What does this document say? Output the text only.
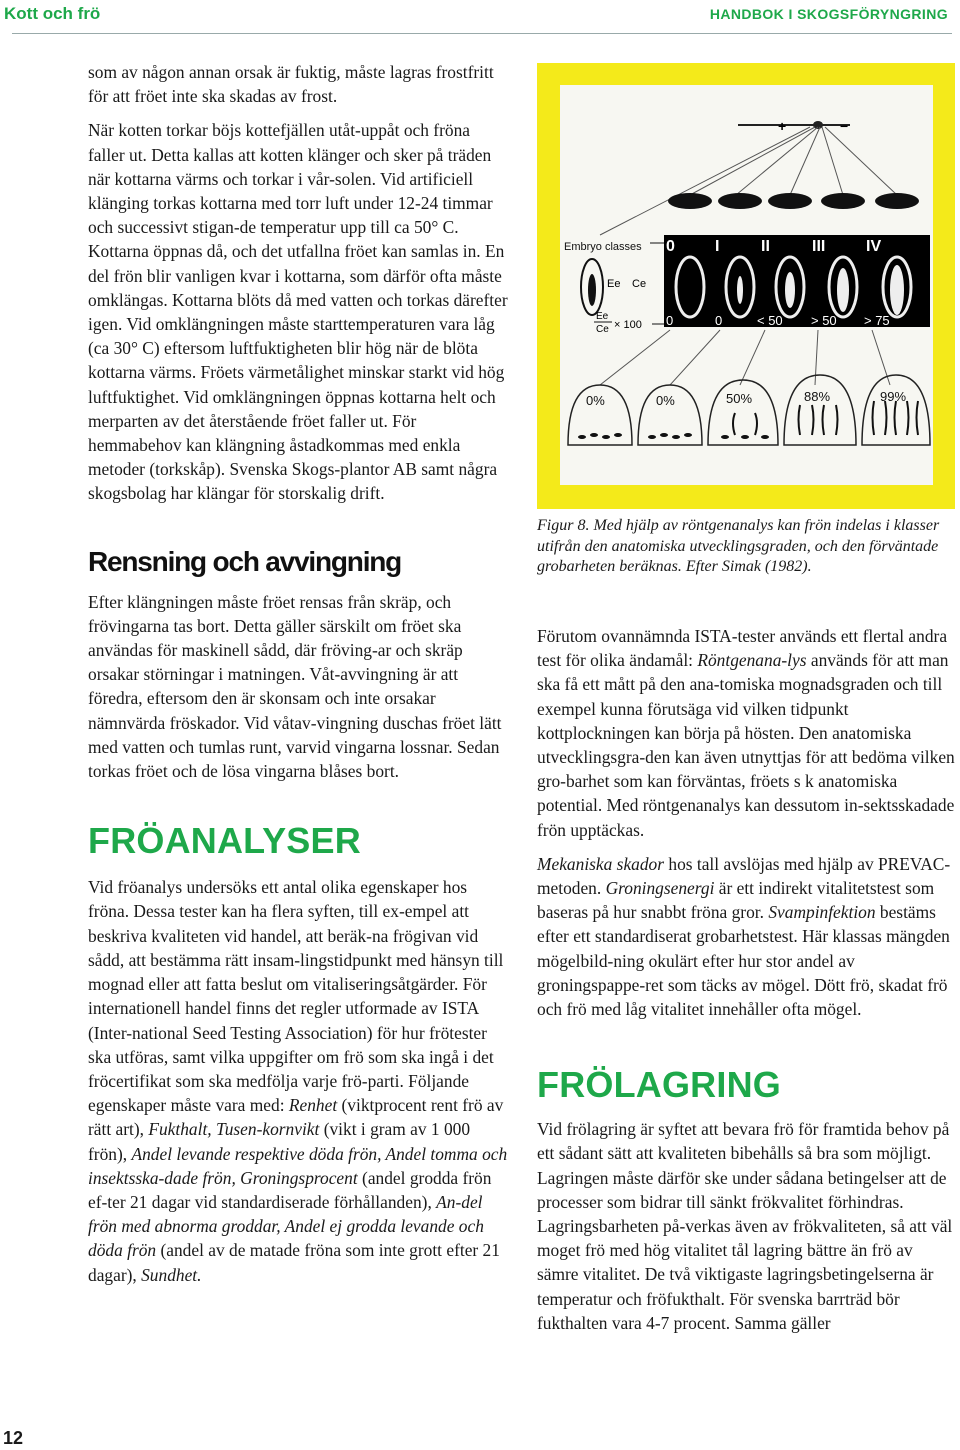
Kott och frö	HANDBOK I SKOGSFÖRYNGRING

som av någon annan orsak är fuktig, måste lagras frostfritt för att fröet inte ska skadas av frost.

När kotten torkar böjs kottefjällen utåt-uppåt och fröna faller ut. Detta kallas att kotten klänger och sker på träden när kottarna värms och torkar i vår-solen. Vid artificiell klänging torkas kottarna med torr luft under 12-24 timmar och successivt stigan-de temperatur upp till ca 50° C. Kottarna öppnas då, och det utfallna fröet kan samlas in. En del frön blir vanligen kvar i kottarna, som därför ofta måste omklängas. Kottarna blöts då med vatten och torkas därefter igen. Vid omklängningen måste starttemperaturen vara låg (ca 30° C) eftersom luftfuktigheten blir hög när de blöta kottarna värms. Fröets värmetålighet minskar starkt vid hög luftfuktighet. Vid omklängningen öppnas kottarna helt och merparten av det återstående fröet faller ut. För hemmabehov kan klängning åstadkommas med enkla metoder (torkskåp). Svenska Skogs-plantor AB samt några skogsbolag har klängar för storskalig drift.

Rensning och avvingning

Efter klängningen måste fröet rensas från skräp, och frövingarna tas bort. Detta gäller särskilt om fröet ska användas för maskinell sådd, där fröving-ar och skräp orsakar störningar i matningen. Våt-avvingning är att föredra, eftersom den är skonsam och inte orsakar nämnvärda fröskador. Vid våtav-vingning duschas fröet lätt med vatten och tumlas runt, varvid vingarna lossnar. Sedan torkas fröet och de lösa vingarna blåses bort.

FRÖANALYSER

Vid fröanalys undersöks ett antal olika egenskaper hos fröna. Dessa tester kan ha flera syften, till ex-empel att beskriva kvaliteten vid handel, att beräk-na frögivan vid sådd, att bestämma rätt insam-lingstidpunkt med hänsyn till mognad eller att fatta beslut om vitaliseringsåtgärder. För internationell handel finns det regler utformade av ISTA (Inter-national Seed Testing Association) för hur frötester ska utföras, samt vilka uppgifter om frö som ska ingå i det fröcertifikat som ska medfölja varje frö-parti. Följande egenskaper måste vara med: Renhet (viktprocent rent frö av rätt art), Fukthalt, Tusen-kornvikt (vikt i gram av 1 000 frön), Andel levande respektive döda frön, Andel tomma och insektsska-dade frön, Groningsprocent (andel grodda frön ef-ter 21 dagar vid standardiserade förhållanden), An-del frön med abnorma groddar, Andel ej grodda levande och döda frön (andel av de matade fröna som inte grott efter 21 dagar), Sundhet.

+	−
Embryo classes 0	I	II	III	IV
Ee Ce
Ee
Ce × 100 0	0	< 50 > 50 > 75
0%	0%	50%	88%	99%
Figur 8. Med hjälp av röntgenanalys kan frön indelas i klasser utifrån den anatomiska utvecklingsgraden, och den förväntade grobarheten beräknas. Efter Simak (1982).

Förutom ovannämnda ISTA-tester används ett flertal andra test för olika ändamål: Röntgenana-lys används för att man ska få ett mått på den ana-tomiska mognadsgraden och till exempel kunna förutsäga vid vilken tidpunkt kottplockningen kan börja på hösten. Den anatomiska utvecklingsgra-den kan även utnyttjas för att bedöma vilken gro-barhet som kan förväntas, fröets s k anatomiska potential. Med röntgenanalys kan dessutom in-sektsskadade frön upptäckas.

Mekaniska skador hos tall avslöjas med hjälp av PREVAC-metoden. Groningsenergi är ett indirekt vitalitetstest som baseras på hur snabbt fröna gror. Svampinfektion bestäms efter ett standardiserat grobarhetstest. Här klassas mängden mögelbild-ning okulärt efter hur stor andel av groningspappe-ret som täcks av mögel. Dött frö, skadat frö och frö med låg vitalitet innehåller ofta mögel.

FRÖLAGRING

Vid frölagring är syftet att bevara frö för framtida behov på ett sådant sätt att kvaliteten bibehålls så bra som möjligt. Lagringen måste därför ske under sådana betingelser att de processer som bidrar till sänkt frökvalitet förhindras. Lagringsbarheten på-verkas även av frökvaliteten, så att väl moget frö med hög vitalitet tål lagring bättre än frö av sämre vitalitet. De två viktigaste lagringsbetingelserna är temperatur och fröfukthalt. För svenska barrträd bör fukthalten vara 4-7 procent. Samma gäller

12
